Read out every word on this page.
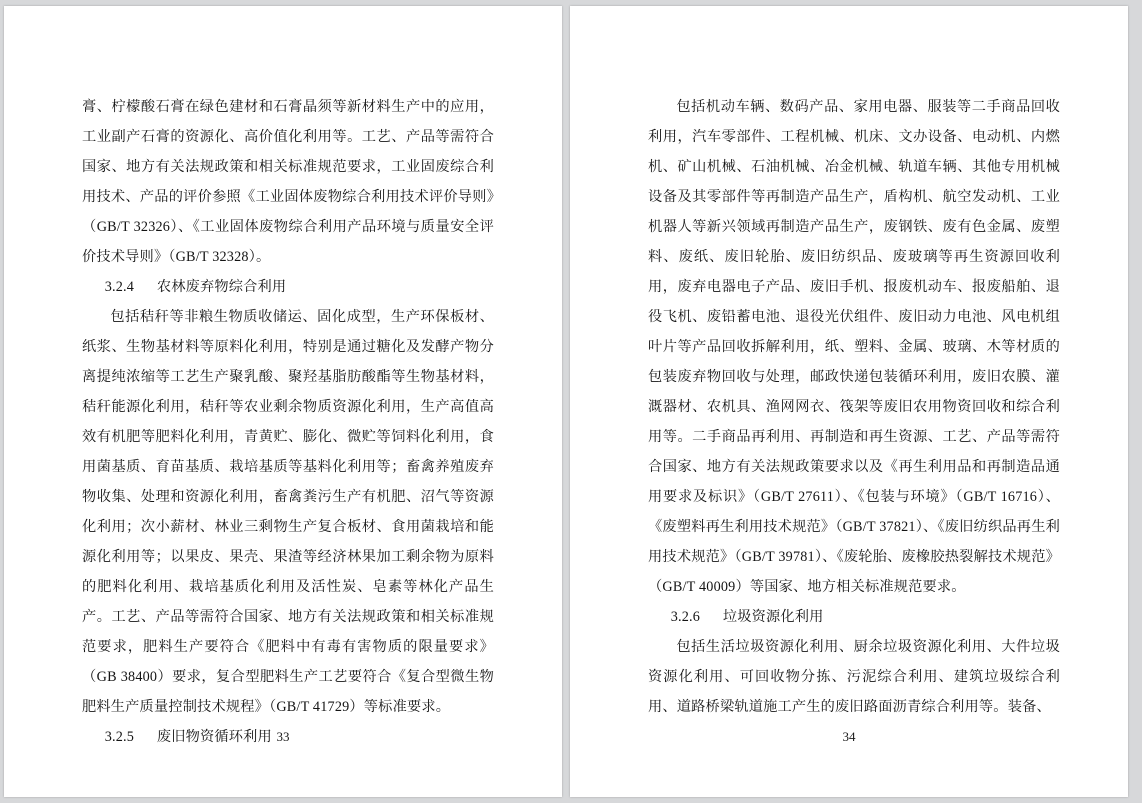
膏、柠檬酸石膏在绿色建材和石膏晶须等新材料生产中的应用，工业副产石膏的资源化、高价值化利用等。工艺、产品等需符合国家、地方有关法规政策和相关标准规范要求，工业固废综合利用技术、产品的评价参照《工业固体废物综合利用技术评价导则》（GB/T 32326）、《工业固体废物综合利用产品环境与质量安全评价技术导则》（GB/T 32328）。

3.2.4 农林废弃物综合利用

包括秸秆等非粮生物质收储运、固化成型，生产环保板材、纸浆、生物基材料等原料化利用，特别是通过糖化及发酵产物分离提纯浓缩等工艺生产聚乳酸、聚羟基脂肪酸酯等生物基材料，秸秆能源化利用，秸秆等农业剩余物质资源化利用，生产高值高效有机肥等肥料化利用，青黄贮、膨化、微贮等饲料化利用，食用菌基质、育苗基质、栽培基质等基料化利用等；畜禽养殖废弃物收集、处理和资源化利用，畜禽粪污生产有机肥、沼气等资源化利用；次小薪材、林业三剩物生产复合板材、食用菌栽培和能源化利用等；以果皮、果壳、果渣等经济林果加工剩余物为原料的肥料化利用、栽培基质化利用及活性炭、皂素等林化产品生产。工艺、产品等需符合国家、地方有关法规政策和相关标准规范要求，肥料生产要符合《肥料中有毒有害物质的限量要求》（GB 38400）要求，复合型肥料生产工艺要符合《复合型微生物肥料生产质量控制技术规程》（GB/T 41729）等标准要求。

3.2.5 废旧物资循环利用 33

包括机动车辆、数码产品、家用电器、服装等二手商品回收利用，汽车零部件、工程机械、机床、文办设备、电动机、内燃机、矿山机械、石油机械、冶金机械、轨道车辆、其他专用机械设备及其零部件等再制造产品生产，盾构机、航空发动机、工业机器人等新兴领域再制造产品生产，废钢铁、废有色金属、废塑料、废纸、废旧轮胎、废旧纺织品、废玻璃等再生资源回收利用，废弃电器电子产品、废旧手机、报废机动车、报废船舶、退役飞机、废铅蓄电池、退役光伏组件、废旧动力电池、风电机组叶片等产品回收拆解利用，纸、塑料、金属、玻璃、木等材质的包装废弃物回收与处理，邮政快递包装循环利用，废旧农膜、灌溉器材、农机具、渔网网衣、筏架等废旧农用物资回收和综合利用等。二手商品再利用、再制造和再生资源、工艺、产品等需符合国家、地方有关法规政策要求以及《再生利用品和再制造品通用要求及标识》（GB/T 27611）、《包装与环境》（GB/T 16716）、《废塑料再生利用技术规范》（GB/T 37821）、《废旧纺织品再生利用技术规范》（GB/T 39781）、《废轮胎、废橡胶热裂解技术规范》（GB/T 40009）等国家、地方相关标准规范要求。

3.2.6 垃圾资源化利用

包括生活垃圾资源化利用、厨余垃圾资源化利用、大件垃圾资源化利用、可回收物分拣、污泥综合利用、建筑垃圾综合利用、道路桥梁轨道施工产生的废旧路面沥青综合利用等。装备、

34
